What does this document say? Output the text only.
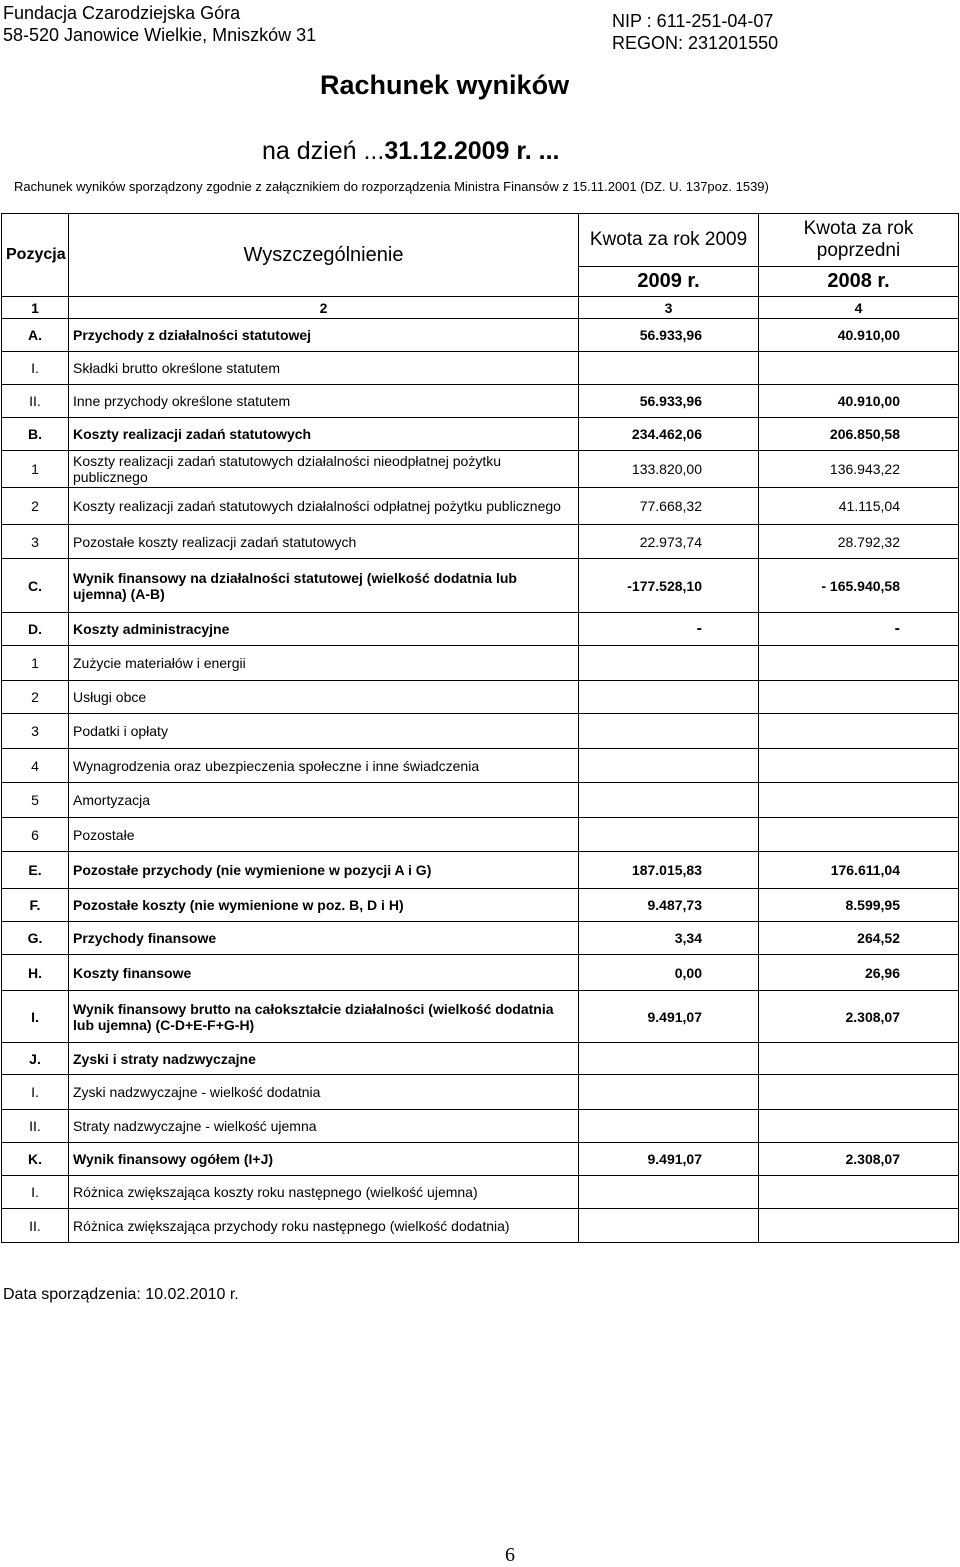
Fundacja Czarodziejska Góra
58-520 Janowice Wielkie, Mniszków 31
NIP : 611-251-04-07
REGON: 231201550
Rachunek wyników
na dzień ...31.12.2009 r. ...
Rachunek wyników sporządzony zgodnie z załącznikiem do rozporządzenia Ministra Finansów z 15.11.2001 (DZ. U. 137poz. 1539)
Pozycja	Wyszczególnienie	Kwota za rok 2009	Kwota za rok poprzedni
		2009 r.	2008 r.
1	2	3	4
A.	Przychody z działalności statutowej	56.933,96	40.910,00
I.	Składki brutto określone statutem		
II.	Inne przychody określone statutem	56.933,96	40.910,00
B.	Koszty realizacji zadań statutowych	234.462,06	206.850,58
1	Koszty realizacji zadań statutowych działalności nieodpłatnej pożytku publicznego	133.820,00	136.943,22
2	Koszty realizacji zadań statutowych działalności odpłatnej pożytku publicznego	77.668,32	41.115,04
3	Pozostałe koszty realizacji zadań statutowych	22.973,74	28.792,32
C.	Wynik finansowy na działalności statutowej (wielkość dodatnia lub ujemna) (A-B)	-177.528,10	- 165.940,58
D.	Koszty administracyjne	-	-
1	Zużycie materiałów i energii		
2	Usługi obce		
3	Podatki i opłaty		
4	Wynagrodzenia oraz ubezpieczenia społeczne i inne świadczenia		
5	Amortyzacja		
6	Pozostałe		
E.	Pozostałe przychody (nie wymienione w pozycji A i G)	187.015,83	176.611,04
F.	Pozostałe koszty (nie wymienione w poz. B, D i H)	9.487,73	8.599,95
G.	Przychody finansowe	3,34	264,52
H.	Koszty finansowe	0,00	26,96
I.	Wynik finansowy brutto na całokształcie działalności (wielkość dodatnia lub ujemna) (C-D+E-F+G-H)	9.491,07	2.308,07
J.	Zyski i straty nadzwyczajne		
I.	Zyski nadzwyczajne - wielkość dodatnia		
II.	Straty nadzwyczajne - wielkość ujemna		
K.	Wynik finansowy ogółem (I+J)	9.491,07	2.308,07
I.	Różnica zwiększająca koszty roku następnego (wielkość ujemna)		
II.	Różnica zwiększająca przychody roku następnego (wielkość dodatnia)		
Data sporządzenia: 10.02.2010 r.
6
